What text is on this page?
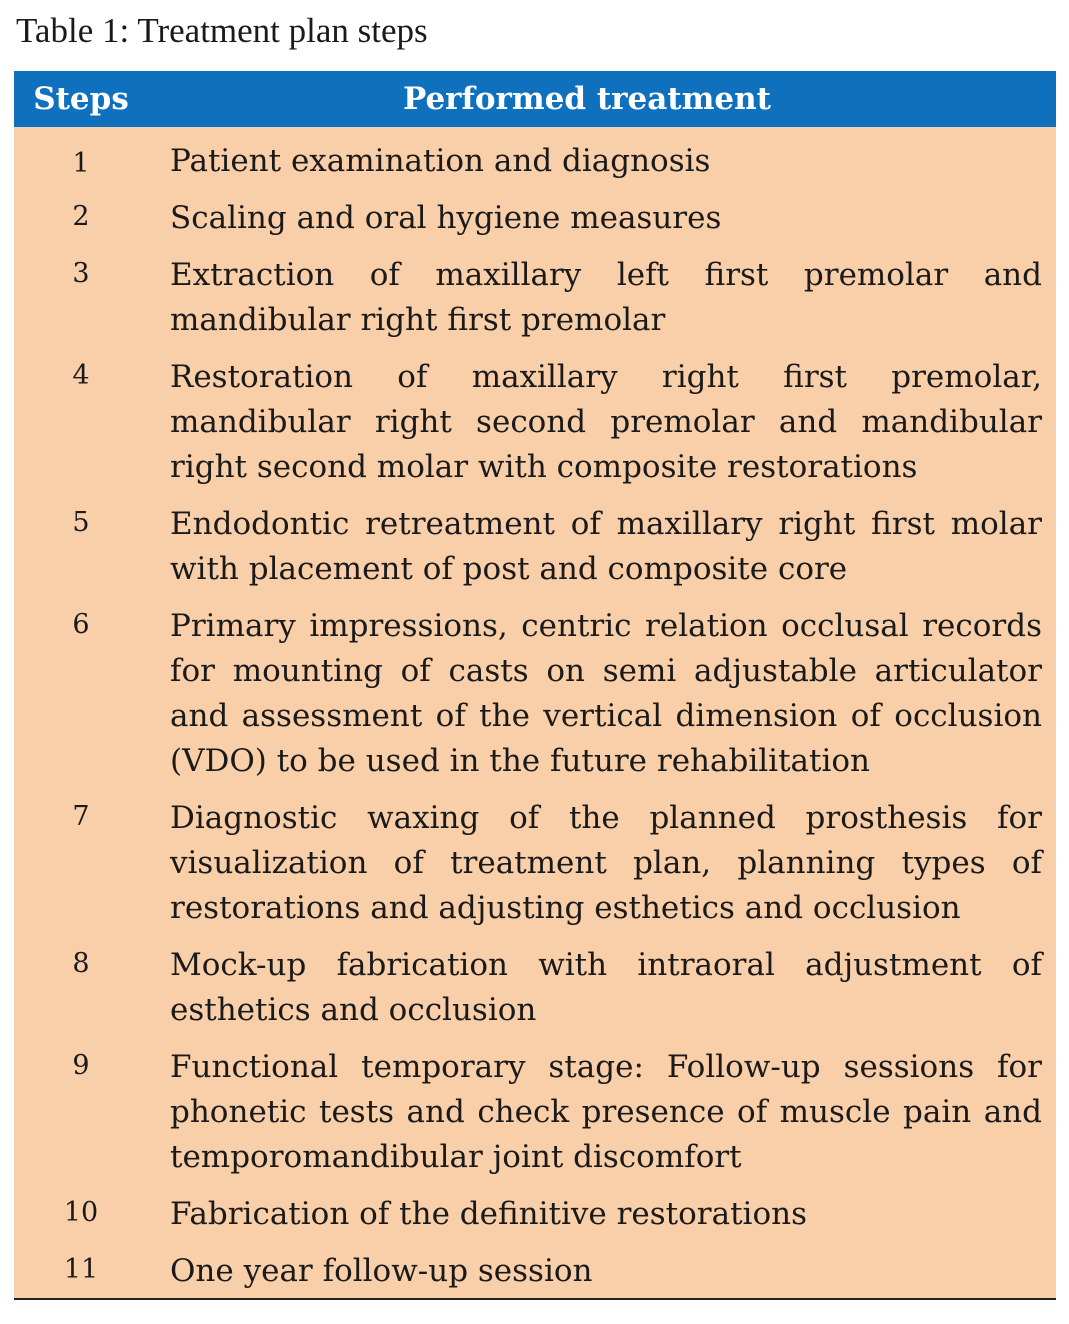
Table 1: Treatment plan steps
Steps	Performed treatment
1	Patient examination and diagnosis
2	Scaling and oral hygiene measures
3	Extraction of maxillary left first premolar and mandibular right first premolar
4	Restoration of maxillary right first premolar, mandibular right second premolar and mandibular right second molar with composite restorations
5	Endodontic retreatment of maxillary right first molar with placement of post and composite core
6	Primary impressions, centric relation occlusal records for mounting of casts on semi adjustable articulator and assessment of the vertical dimension of occlusion (VDO) to be used in the future rehabilitation
7	Diagnostic waxing of the planned prosthesis for visualization of treatment plan, planning types of restorations and adjusting esthetics and occlusion
8	Mock-up fabrication with intraoral adjustment of esthetics and occlusion
9	Functional temporary stage: Follow-up sessions for phonetic tests and check presence of muscle pain and temporomandibular joint discomfort
10	Fabrication of the definitive restorations
11	One year follow-up session
